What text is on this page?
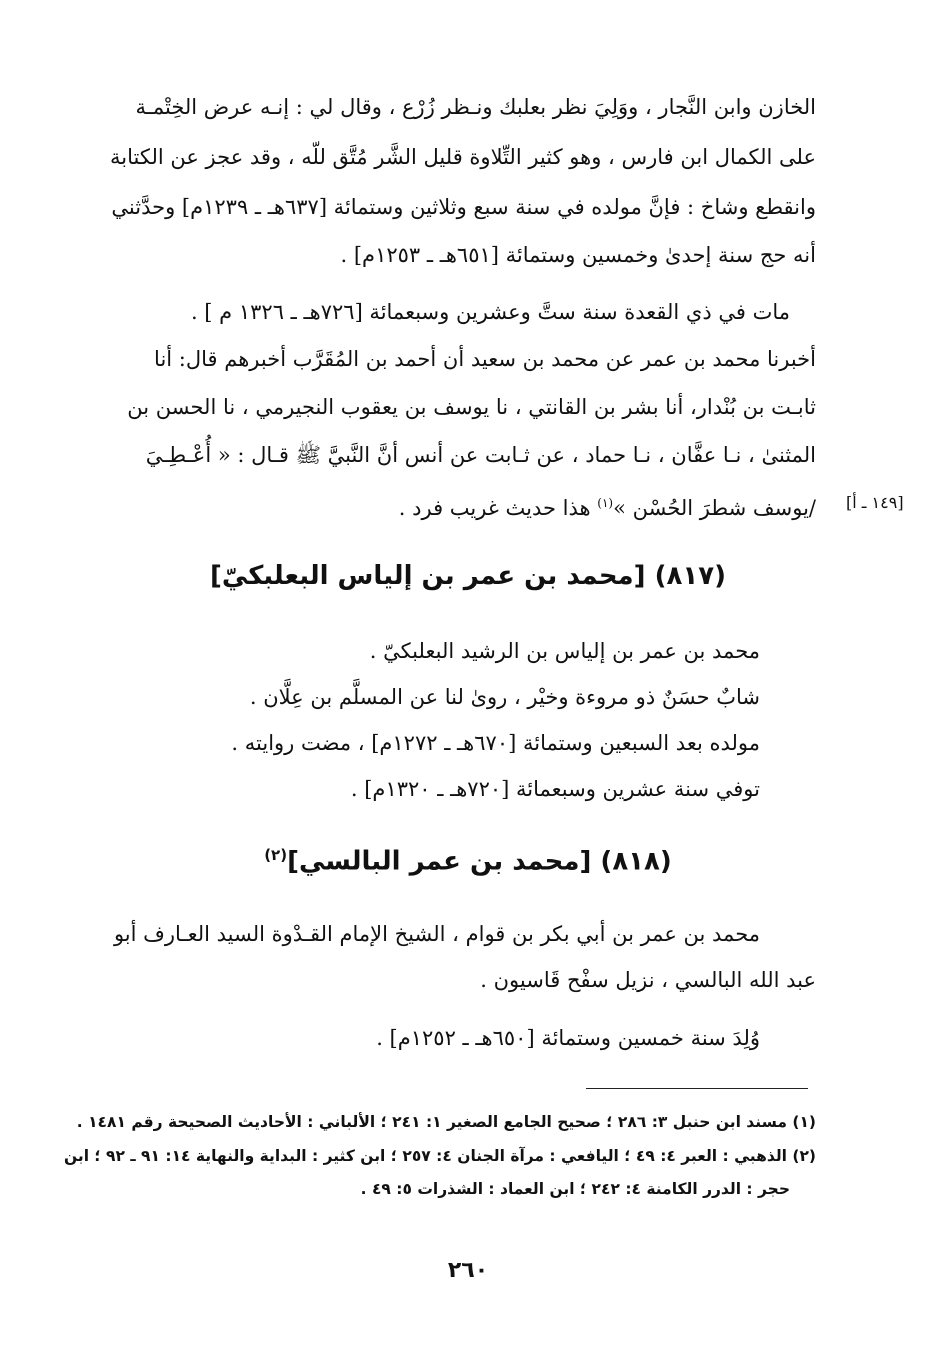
الخازن وابن النَّجار ، ووَلِيَ نظر بعلبك ونـظر زُرْع ، وقال لي : إنـه عرض الخِتْمـة
على الكمال ابن فارس ، وهو كثير التِّلاوة قليل الشَّر مُتَّق للّه ، وقد عجز عن الكتابة
وانقطع وشاخ : فإنَّ مولده في سنة سبع وثلاثين وستمائة [٦٣٧هـ ـ ١٢٣٩م] وحدَّثني
أنه حج سنة إحدىٰ وخمسين وستمائة [٦٥١هـ ـ ١٢٥٣م] .
مات في ذي القعدة سنة ستَّ وعشرين وسبعمائة [٧٢٦هـ ـ ١٣٢٦ م ] .
أخبرنا محمد بن عمر عن محمد بن سعيد أن أحمد بن المُقَرَّب أخبرهم قال: أنا
ثابـت بن بُنْدار، أنا بشر بن القانتي ، نا يوسف بن يعقوب النجيرمي ، نا الحسن بن
المثنىٰ ، نـا عفَّان ، نـا حماد ، عن ثـابت عن أنس أنَّ النَّبيَّ ﷺ قـال : « أُعْـطِـيَ
/يوسف شطرَ الحُسْن »$^{(١)}$ هذا حديث غريب فرد .	[١٤٩ ـ أ]
(٨١٧) [محمد بن عمر بن إلياس البعلبكيّ]
محمد بن عمر بن إلياس بن الرشيد البعلبكيّ .
شابٌ حسَنٌ ذو مروءة وخيْر ، روىٰ لنا عن المسلَّم بن عِلَّان .
مولده بعد السبعين وستمائة [٦٧٠هـ ـ ١٢٧٢م] ، مضت روايته .
توفي سنة عشرين وسبعمائة [٧٢٠هـ ـ ١٣٢٠م] .
(٨١٨) [محمد بن عمر البالسي]$^{(٢)}$
محمد بن عمر بن أبي بكر بن قوام ، الشيخ الإمام القـدْوة السيد العـارف أبو
عبد الله البالسي ، نزيل سفْح قَاسيون .
وُلِدَ سنة خمسين وستمائة [٦٥٠هـ ـ ١٢٥٢م] .
(١) مسند ابن حنبل ٣: ٢٨٦ ؛ صحيح الجامع الصغير ١: ٢٤١ ؛ الألباني : الأحاديث الصحيحة رقم ١٤٨١ .
(٢) الذهبي : العبر ٤: ٤٩ ؛ اليافعي : مرآة الجنان ٤: ٢٥٧ ؛ ابن كثير : البداية والنهاية ١٤: ٩١ ـ ٩٢ ؛ ابن
حجر : الدرر الكامنة ٤: ٢٤٢ ؛ ابن العماد : الشذرات ٥: ٤٩ .
٢٦٠
